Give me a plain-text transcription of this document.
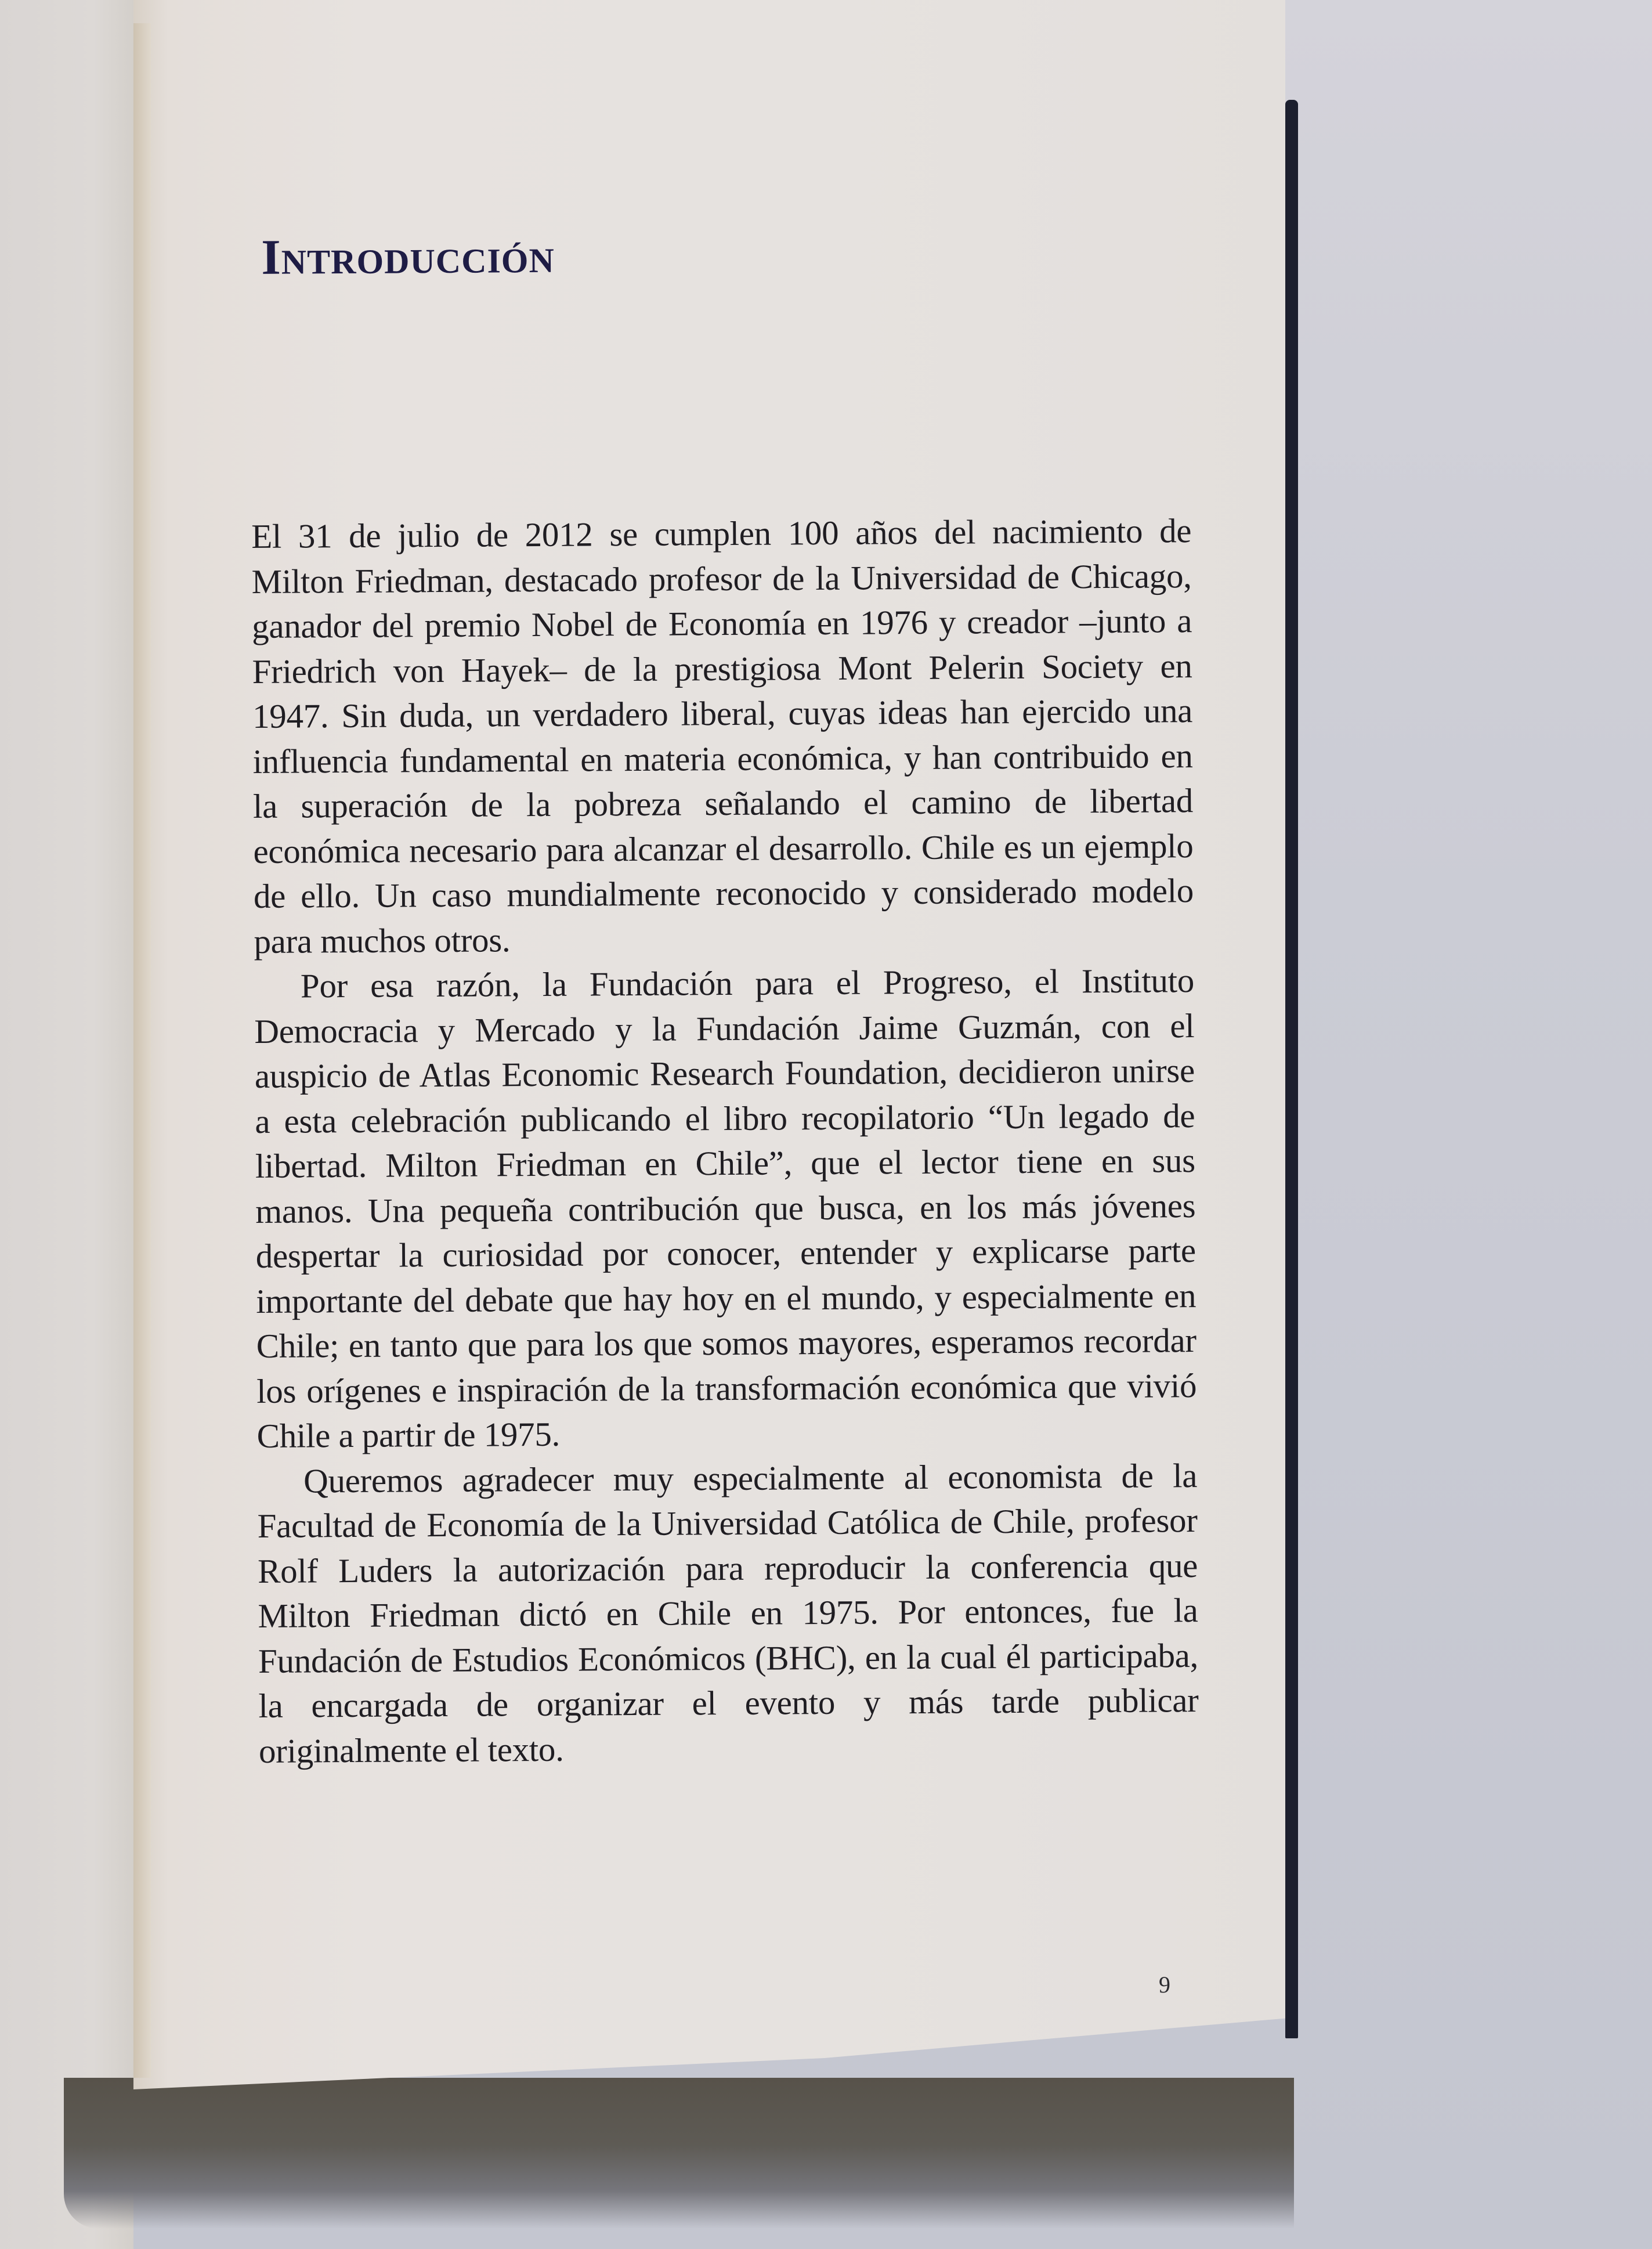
Introducción

El 31 de julio de 2012 se cumplen 100 años del nacimiento de Milton Friedman, destacado profesor de la Universidad de Chicago, ganador del premio Nobel de Economía en 1976 y creador –junto a Friedrich von Hayek– de la prestigiosa Mont Pelerin Society en 1947. Sin duda, un verdadero liberal, cuyas ideas han ejercido una influencia fundamental en materia económica, y han contribuido en la superación de la pobreza señalando el camino de libertad económica necesario para alcanzar el desarrollo. Chile es un ejemplo de ello. Un caso mundialmente reconocido y considerado modelo para muchos otros.

Por esa razón, la Fundación para el Progreso, el Instituto Democracia y Mercado y la Fundación Jaime Guzmán, con el auspicio de Atlas Economic Research Foundation, decidieron unirse a esta celebración publicando el libro recopilatorio “Un legado de libertad. Milton Friedman en Chile”, que el lector tiene en sus manos. Una pequeña contribución que busca, en los más jóvenes despertar la curiosidad por conocer, entender y explicarse parte importante del debate que hay hoy en el mundo, y especialmente en Chile; en tanto que para los que somos mayores, esperamos recordar los orígenes e inspiración de la transformación económica que vivió Chile a partir de 1975.

Queremos agradecer muy especialmente al economista de la Facultad de Economía de la Universidad Católica de Chile, profesor Rolf Luders la autorización para reproducir la conferencia que Milton Friedman dictó en Chile en 1975. Por entonces, fue la Fundación de Estudios Económicos (BHC), en la cual él participaba, la encargada de organizar el evento y más tarde publicar originalmente el texto.

9
